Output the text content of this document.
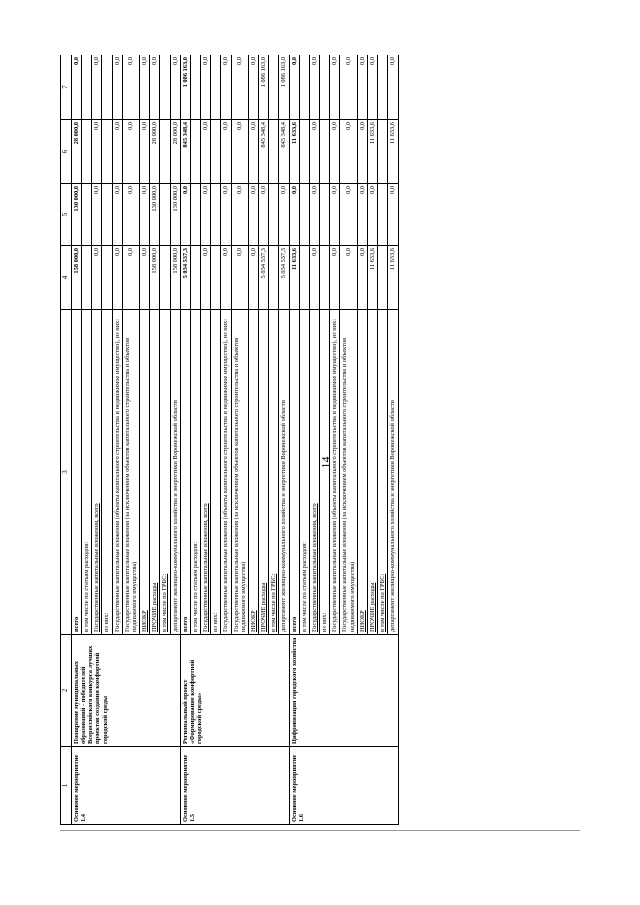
14
1	2	3	4	5	6	7
Основное мероприятие 1.4	Поощрение муниципальных образований - победителей Всероссийского конкурса лучших проектов создания комфортной городской среды	всего	158 000,0	130 000,0	28 000,0	0,0
		в том числе по статьям расходов:				
		Государственные капитальные вложения, всего	0,0	0,0	0,0	0,0
		из них:				
		Государственные капитальные вложения (объекты капитального строительства и недвижимое имущество), из них:	0,0	0,0	0,0	0,0
		Государственные капитальные вложения (за исключением объектов капитального строительства и объектов недвижимого имущества)	0,0	0,0	0,0	0,0
		НИОКР	0,0	0,0	0,0	0,0
		ПРОЧИЕ расходы	158 000,0	130 000,0	28 000,0	0,0
		в том числе по ГРБС:				
		департамент жилищно-коммунального хозяйства и энергетики Воронежской области	158 000,0	130 000,0	28 000,0	0,0
Основное мероприятие 1.5	Региональный проект «Формирование комфортной городской среды»	всего	5 034 537,3	0,0	845 348,4	1 086 163,0
		в том числе по статьям расходов:				
		Государственные капитальные вложения, всего	0,0	0,0	0,0	0,0
		из них:				
		Государственные капитальные вложения (объекты капитального строительства и недвижимое имущество), из них:	0,0	0,0	0,0	0,0
		Государственные капитальные вложения (за исключением объектов капитального строительства и объектов недвижимого имущества)	0,0	0,0	0,0	0,0
		НИОКР	0,0	0,0	0,0	0,0
		ПРОЧИЕ расходы	5 034 537,3	0,0	845 348,4	1 086 163,0
		в том числе по ГРБС:				
		департамент жилищно-коммунального хозяйства и энергетики Воронежской области	5 034 537,3	0,0	845 348,4	1 086 163,0
Основное мероприятие 1.6	Цифровизация городского хозяйства	всего	11 633,6	0,0	11 633,6	0,0
		в том числе по статьям расходов:				
		Государственные капитальные вложения, всего	0,0	0,0	0,0	0,0
		из них:				
		Государственные капитальные вложения (объекты капитального строительства и недвижимое имущество), из них:	0,0	0,0	0,0	0,0
		Государственные капитальные вложения (за исключением объектов капитального строительства и объектов недвижимого имущества)	0,0	0,0	0,0	0,0
		НИОКР	0,0	0,0	0,0	0,0
		ПРОЧИЕ расходы	11 633,6	0,0	11 633,6	0,0
		в том числе по ГРБС:				
		департамент жилищно-коммунального хозяйства и энергетики Воронежской области	11 633,6	0,0	11 633,6	0,0
